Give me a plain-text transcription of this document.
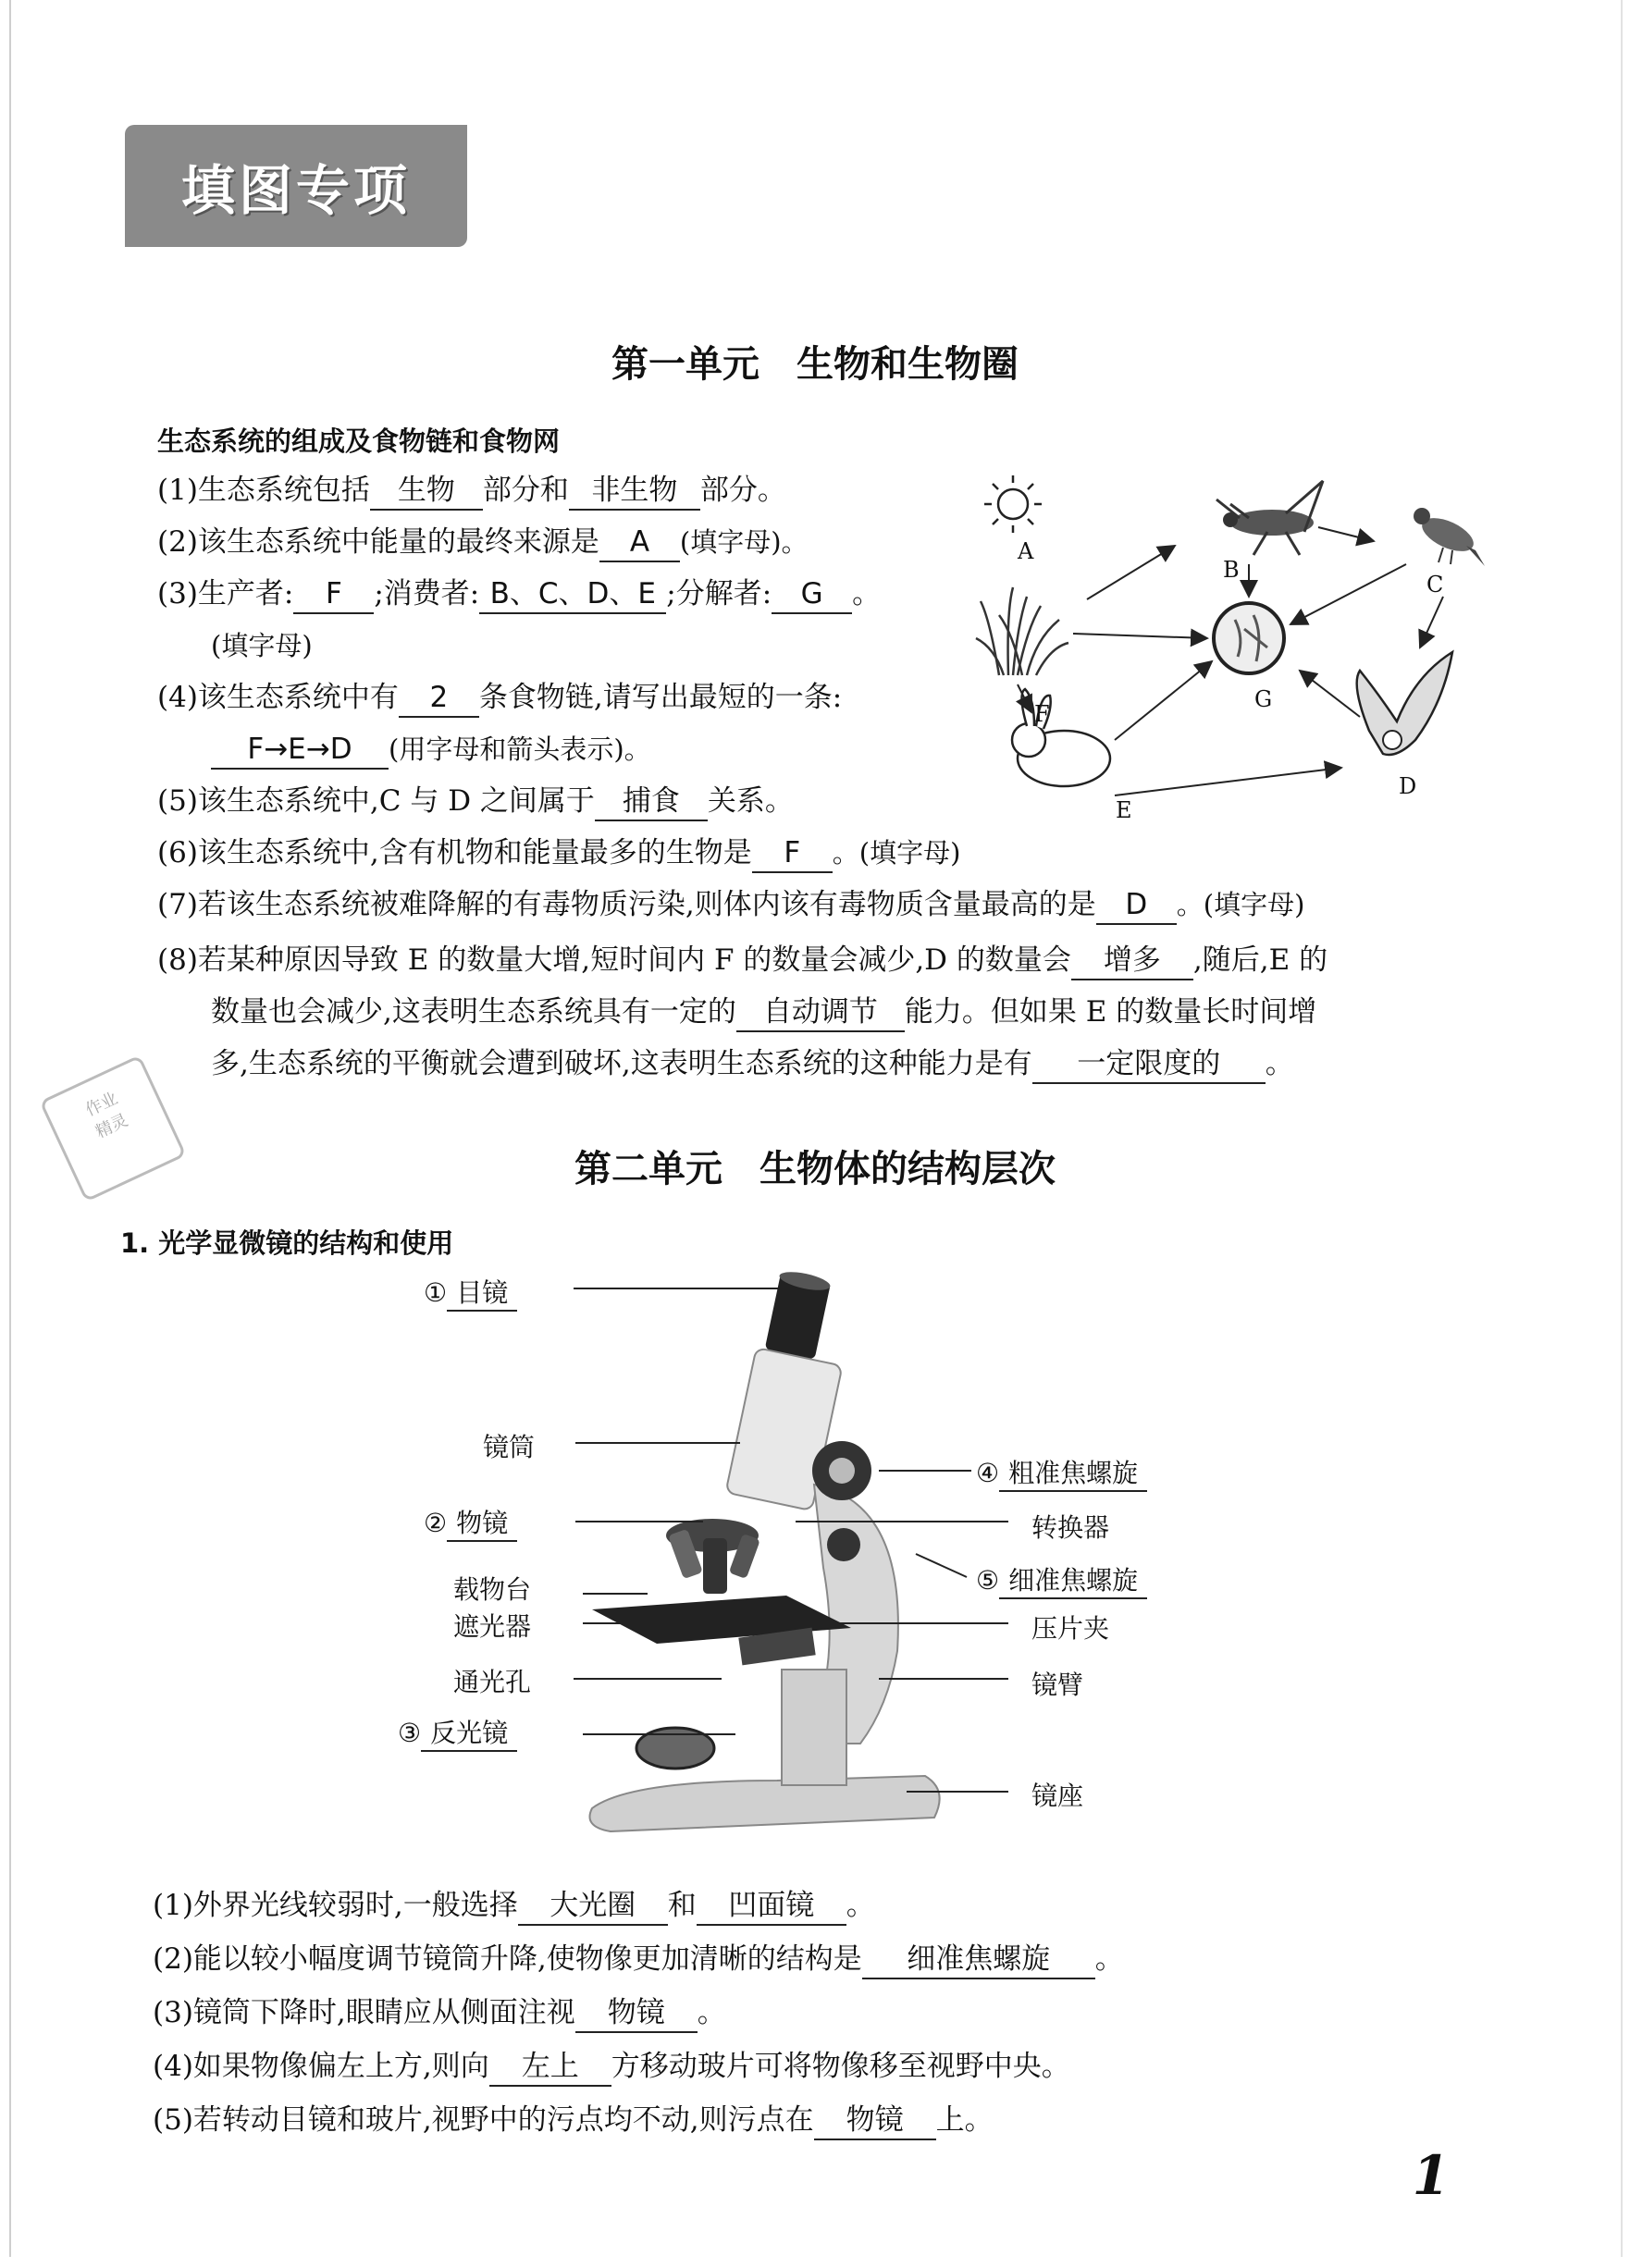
填图专项
作业
精灵
第一单元　生物和生物圈
生态系统的组成及食物链和食物网
(1)生态系统包括 生物 部分和 非生物 部分。
(2)该生态系统中能量的最终来源是 A (填字母)。
(3)生产者: F ;消费者: B、C、D、E ;分解者: G 。
(填字母)
(4)该生态系统中有 2 条食物链,请写出最短的一条:
F→E→D (用字母和箭头表示)。
(5)该生态系统中,C 与 D 之间属于 捕食 关系。
(6)该生态系统中,含有机物和能量最多的生物是 F 。(填字母)
(7)若该生态系统被难降解的有毒物质污染,则体内该有毒物质含量最高的是 D 。(填字母)
(8)若某种原因导致 E 的数量大增,短时间内 F 的数量会减少,D 的数量会 增多 ,随后,E 的
数量也会减少,这表明生态系统具有一定的 自动调节 能力。但如果 E 的数量长时间增
多,生态系统的平衡就会遭到破坏,这表明生态系统的这种能力是有 一定限度的 。
A
B
C
F
G
E
D
第二单元　生物体的结构层次
1. 光学显微镜的结构和使用
① 目镜
镜筒
② 物镜
载物台
遮光器
通光孔
③ 反光镜
④ 粗准焦螺旋
转换器
⑤ 细准焦螺旋
压片夹
镜臂
镜座
(1)外界光线较弱时,一般选择 大光圈 和 凹面镜 。
(2)能以较小幅度调节镜筒升降,使物像更加清晰的结构是 细准焦螺旋 。
(3)镜筒下降时,眼睛应从侧面注视 物镜 。
(4)如果物像偏左上方,则向 左上 方移动玻片可将物像移至视野中央。
(5)若转动目镜和玻片,视野中的污点均不动,则污点在 物镜 上。
1
